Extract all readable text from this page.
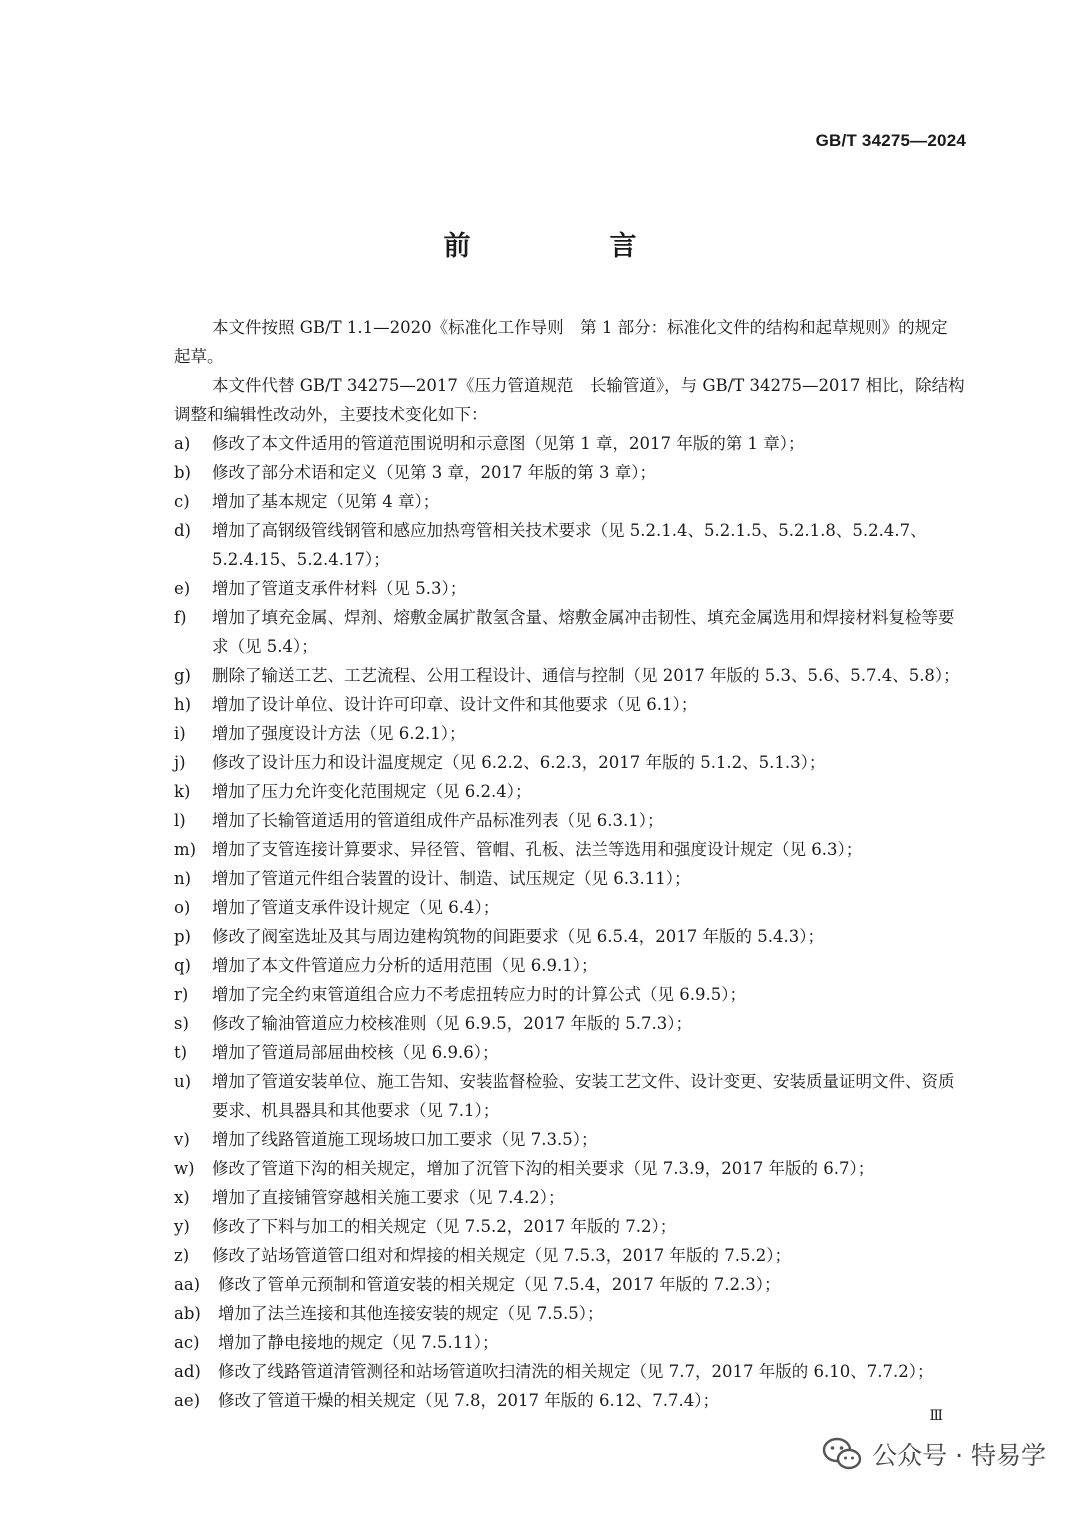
GB/T 34275—2024
前　言
本文件按照 GB/T 1.1—2020《标准化工作导则　第 1 部分：标准化文件的结构和起草规则》的规定
起草。
本文件代替 GB/T 34275—2017《压力管道规范　长输管道》，与 GB/T 34275—2017 相比，除结构
调整和编辑性改动外，主要技术变化如下：
a)	修改了本文件适用的管道范围说明和示意图（见第 1 章，2017 年版的第 1 章）；
b)	修改了部分术语和定义（见第 3 章，2017 年版的第 3 章）；
c)	增加了基本规定（见第 4 章）；
d)	增加了高钢级管线钢管和感应加热弯管相关技术要求（见 5.2.1.4、5.2.1.5、5.2.1.8、5.2.4.7、5.2.4.15、5.2.4.17）；
e)	增加了管道支承件材料（见 5.3）；
f)	增加了填充金属、焊剂、熔敷金属扩散氢含量、熔敷金属冲击韧性、填充金属选用和焊接材料复检等要求（见 5.4）；
g)	删除了输送工艺、工艺流程、公用工程设计、通信与控制（见 2017 年版的 5.3、5.6、5.7.4、5.8）；
h)	增加了设计单位、设计许可印章、设计文件和其他要求（见 6.1）；
i)	增加了强度设计方法（见 6.2.1）；
j)	修改了设计压力和设计温度规定（见 6.2.2、6.2.3，2017 年版的 5.1.2、5.1.3）；
k)	增加了压力允许变化范围规定（见 6.2.4）；
l)	增加了长输管道适用的管道组成件产品标准列表（见 6.3.1）；
m) 增加了支管连接计算要求、异径管、管帽、孔板、法兰等选用和强度设计规定（见 6.3）；
n)	增加了管道元件组合装置的设计、制造、试压规定（见 6.3.11）；
o)	增加了管道支承件设计规定（见 6.4）；
p)	修改了阀室选址及其与周边建构筑物的间距要求（见 6.5.4，2017 年版的 5.4.3）；
q)	增加了本文件管道应力分析的适用范围（见 6.9.1）；
r)	增加了完全约束管道组合应力不考虑扭转应力时的计算公式（见 6.9.5）；
s)	修改了输油管道应力校核准则（见 6.9.5，2017 年版的 5.7.3）；
t)	增加了管道局部屈曲校核（见 6.9.6）；
u)	增加了管道安装单位、施工告知、安装监督检验、安装工艺文件、设计变更、安装质量证明文件、资质要求、机具器具和其他要求（见 7.1）；
v)	增加了线路管道施工现场坡口加工要求（见 7.3.5）；
w)	修改了管道下沟的相关规定，增加了沉管下沟的相关要求（见 7.3.9，2017 年版的 6.7）；
x)	增加了直接铺管穿越相关施工要求（见 7.4.2）；
y)	修改了下料与加工的相关规定（见 7.5.2，2017 年版的 7.2）；
z)	修改了站场管道管口组对和焊接的相关规定（见 7.5.3，2017 年版的 7.5.2）；
aa)	修改了管单元预制和管道安装的相关规定（见 7.5.4，2017 年版的 7.2.3）；
ab)	增加了法兰连接和其他连接安装的规定（见 7.5.5）；
ac)	增加了静电接地的规定（见 7.5.11）；
ad)	修改了线路管道清管测径和站场管道吹扫清洗的相关规定（见 7.7，2017 年版的 6.10、7.7.2）；
ae)	修改了管道干燥的相关规定（见 7.8，2017 年版的 6.12、7.7.4）；
Ⅲ
公众号 · 特易学
